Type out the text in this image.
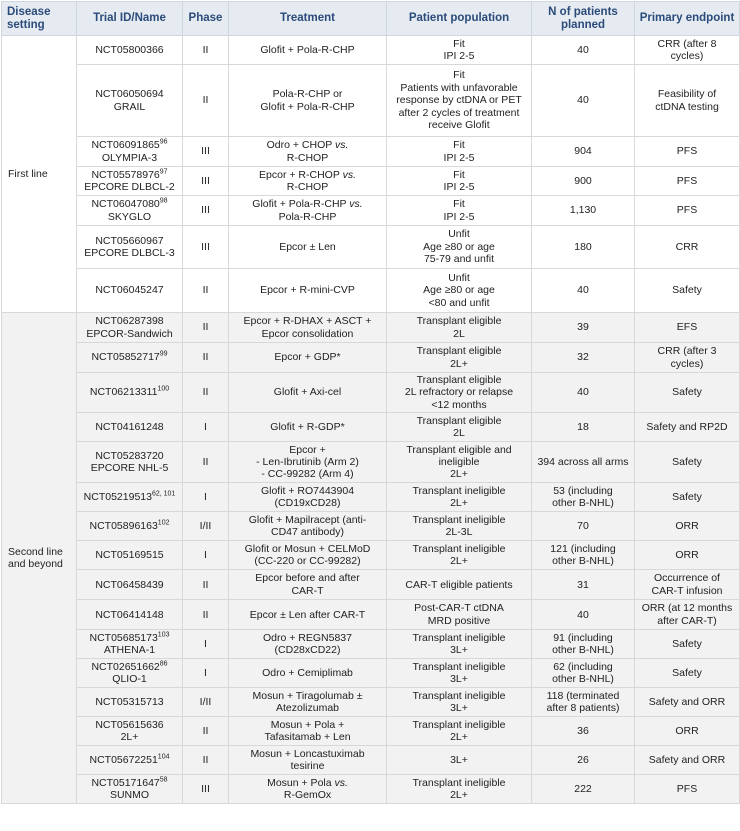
Disease setting	Trial ID/Name	Phase	Treatment	Patient population	N of patients planned	Primary endpoint
First line	NCT05800366	II	Glofit + Pola-R-CHP	Fit
IPI 2-5	40	CRR (after 8
cycles)
	NCT06050694
GRAIL	II	Pola-R-CHP or
Glofit + Pola-R-CHP	Fit
Patients with unfavorable
response by ctDNA or PET
after 2 cycles of treatment
receive Glofit	40	Feasibility of
ctDNA testing
	NCT06091865$^{96}$
OLYMPIA-3	III	Odro + CHOP vs.
R-CHOP	Fit
IPI 2-5	904	PFS
	NCT05578976$^{97}$
EPCORE DLBCL-2	III	Epcor + R-CHOP vs.
R-CHOP	Fit
IPI 2-5	900	PFS
	NCT06047080$^{98}$
SKYGLO	III	Glofit + Pola-R-CHP vs.
Pola-R-CHP	Fit
IPI 2-5	1,130	PFS
	NCT05660967
EPCORE DLBCL-3	III	Epcor ± Len	Unfit
Age ≥80 or age
75-79 and unfit	180	CRR
	NCT06045247	II	Epcor + R-mini-CVP	Unfit
Age ≥80 or age
<80 and unfit	40	Safety
Second line
and beyond	NCT06287398
EPCOR-Sandwich	II	Epcor + R-DHAX + ASCT +
Epcor consolidation	Transplant eligible
2L	39	EFS
	NCT05852717$^{99}$	II	Epcor + GDP*	Transplant eligible
2L+	32	CRR (after 3
cycles)
	NCT06213311$^{100}$	II	Glofit + Axi-cel	Transplant eligible
2L refractory or relapse
<12 months	40	Safety
	NCT04161248	I	Glofit + R-GDP*	Transplant eligible
2L	18	Safety and RP2D
	NCT05283720
EPCORE NHL-5	II	Epcor +
- Len-Ibrutinib (Arm 2)
- CC-99282 (Arm 4)	Transplant eligible and
ineligible
2L+	394 across all arms	Safety
	NCT05219513$^{62, 101}$	I	Glofit + RO7443904
(CD19xCD28)	Transplant ineligible
2L+	53 (including
other B-NHL)	Safety
	NCT05896163$^{102}$	I/II	Glofit + Mapilracept (anti-
CD47 antibody)	Transplant ineligible
2L-3L	70	ORR
	NCT05169515	I	Glofit or Mosun + CELMoD
(CC-220 or CC-99282)	Transplant ineligible
2L+	121 (including
other B-NHL)	ORR
	NCT06458439	II	Epcor before and after
CAR-T	CAR-T eligible patients	31	Occurrence of
CAR-T infusion
	NCT06414148	II	Epcor ± Len after CAR-T	Post-CAR-T ctDNA
MRD positive	40	ORR (at 12 months
after CAR-T)
	NCT05685173$^{103}$
ATHENA-1	I	Odro + REGN5837
(CD28xCD22)	Transplant ineligible
3L+	91 (including
other B-NHL)	Safety
	NCT02651662$^{86}$
QLIO-1	I	Odro + Cemiplimab	Transplant ineligible
3L+	62 (including
other B-NHL)	Safety
	NCT05315713	I/II	Mosun + Tiragolumab ±
Atezolizumab	Transplant ineligible
3L+	118 (terminated
after 8 patients)	Safety and ORR
	NCT05615636
2L+	II	Mosun + Pola +
Tafasitamab + Len	Transplant ineligible
2L+	36	ORR
	NCT05672251$^{104}$	II	Mosun + Loncastuximab
tesirine	3L+	26	Safety and ORR
	NCT05171647$^{58}$
SUNMO	III	Mosun + Pola vs.
R-GemOx	Transplant ineligible
2L+	222	PFS
